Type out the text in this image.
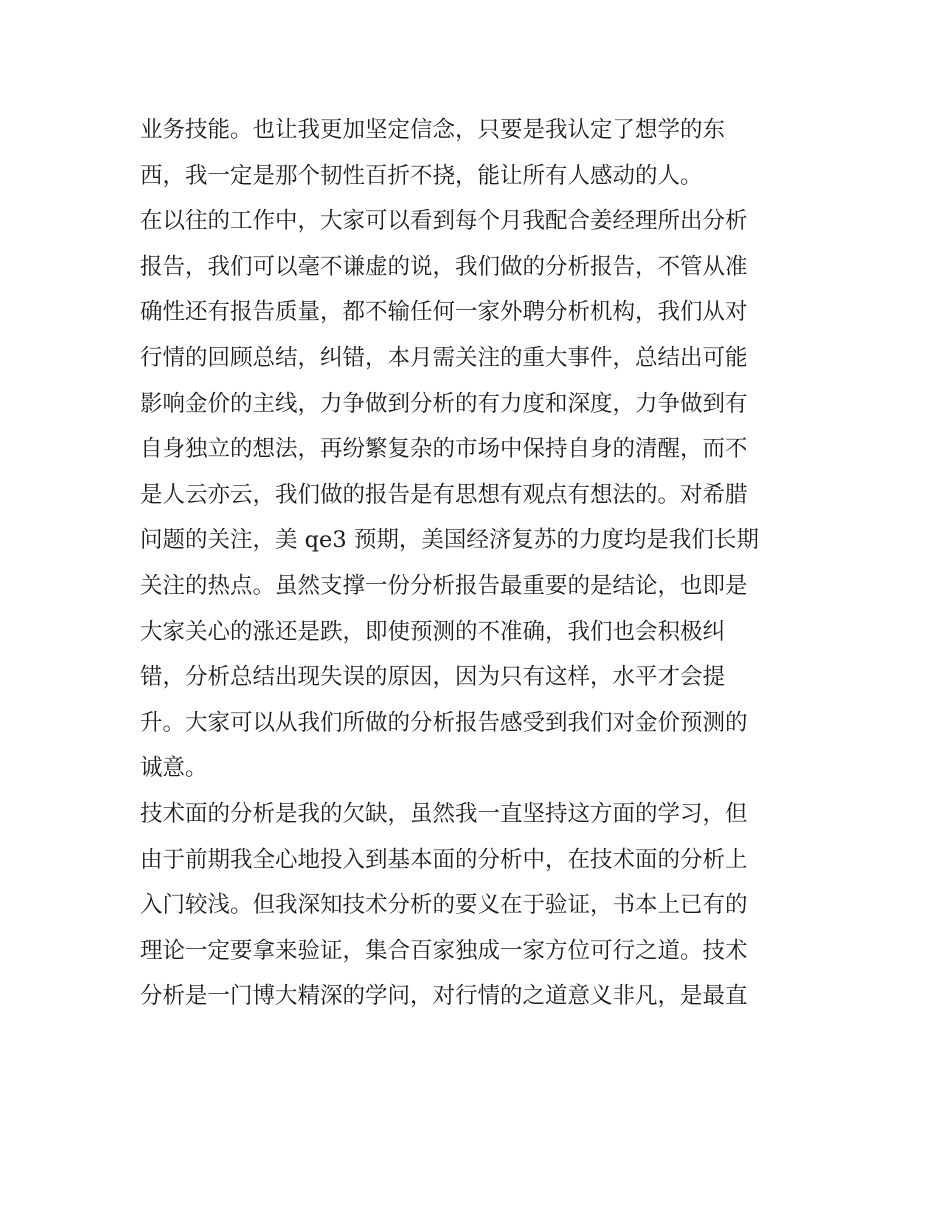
业务技能。也让我更加坚定信念，只要是我认定了想学的东
西，我一定是那个韧性百折不挠，能让所有人感动的人。
在以往的工作中，大家可以看到每个月我配合姜经理所出分析
报告，我们可以毫不谦虚的说，我们做的分析报告，不管从准
确性还有报告质量，都不输任何一家外聘分析机构，我们从对
行情的回顾总结，纠错，本月需关注的重大事件，总结出可能
影响金价的主线，力争做到分析的有力度和深度，力争做到有
自身独立的想法，再纷繁复杂的市场中保持自身的清醒，而不
是人云亦云，我们做的报告是有思想有观点有想法的。对希腊
问题的关注，美 qe3 预期，美国经济复苏的力度均是我们长期
关注的热点。虽然支撑一份分析报告最重要的是结论，也即是
大家关心的涨还是跌，即使预测的不准确，我们也会积极纠
错，分析总结出现失误的原因，因为只有这样，水平才会提
升。大家可以从我们所做的分析报告感受到我们对金价预测的
诚意。
技术面的分析是我的欠缺，虽然我一直坚持这方面的学习，但
由于前期我全心地投入到基本面的分析中，在技术面的分析上
入门较浅。但我深知技术分析的要义在于验证，书本上已有的
理论一定要拿来验证，集合百家独成一家方位可行之道。技术
分析是一门博大精深的学问，对行情的之道意义非凡，是最直
